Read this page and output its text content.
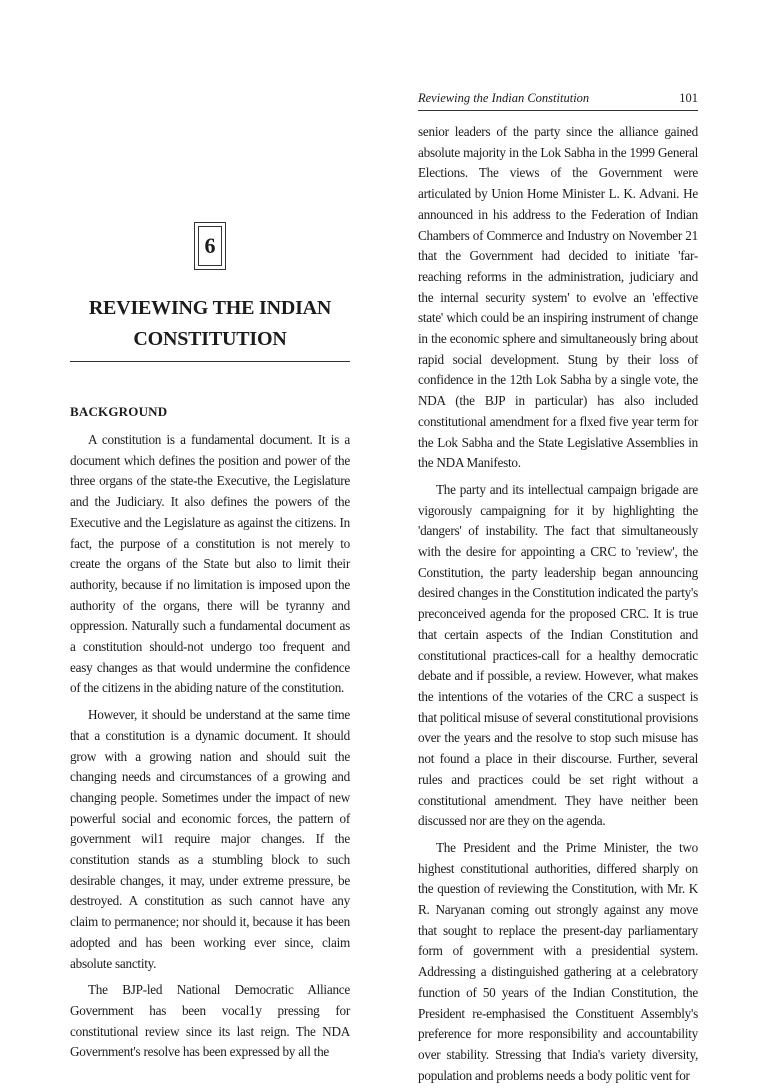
Reviewing the Indian Constitution	101
6
REVIEWING THE INDIAN
CONSTITUTION
BACKGROUND

A constitution is a fundamental document. It is a document which defines the position and power of the three organs of the state-the Executive, the Legislature and the Judiciary. It also defines the powers of the Executive and the Legislature as against the citizens. In fact, the purpose of a constitution is not merely to create the organs of the State but also to limit their authority, because if no limitation is imposed upon the authority of the organs, there will be tyranny and oppression. Naturally such a fundamental document as a constitution should-not undergo too frequent and easy changes as that would undermine the confidence of the citizens in the abiding nature of the constitution.

However, it should be understand at the same time that a constitution is a dynamic document. It should grow with a growing nation and should suit the changing needs and circumstances of a growing and changing people. Sometimes under the impact of new powerful social and economic forces, the pattern of government wil1 require major changes. If the constitution stands as a stumbling block to such desirable changes, it may, under extreme pressure, be destroyed. A constitution as such cannot have any claim to permanence; nor should it, because it has been adopted and has been working ever since, claim absolute sanctity.

The BJP-led National Democratic Alliance Government has been vocal1y pressing for constitutional review since its last reign. The NDA Government's resolve has been expressed by all the

senior leaders of the party since the alliance gained absolute majority in the Lok Sabha in the 1999 General Elections. The views of the Government were articulated by Union Home Minister L. K. Advani. He announced in his address to the Federation of Indian Chambers of Commerce and Industry on November 21 that the Government had decided to initiate 'far-reaching reforms in the administration, judiciary and the internal security system' to evolve an 'effective state' which could be an inspiring instrument of change in the economic sphere and simultaneously bring about rapid social development. Stung by their loss of confidence in the 12th Lok Sabha by a single vote, the NDA (the BJP in particular) has also included constitutional amendment for a flxed five year term for the Lok Sabha and the State Legislative Assemblies in the NDA Manifesto.

The party and its intellectual campaign brigade are vigorously campaigning for it by highlighting the 'dangers' of instability. The fact that simultaneously with the desire for appointing a CRC to 'review', the Constitution, the party leadership began announcing desired changes in the Constitution indicated the party's preconceived agenda for the proposed CRC. It is true that certain aspects of the Indian Constitution and constitutional practices-call for a healthy democratic debate and if possible, a review. However, what makes the intentions of the votaries of the CRC a suspect is that political misuse of several constitutional provisions over the years and the resolve to stop such misuse has not found a place in their discourse. Further, several rules and practices could be set right without a constitutional amendment. They have neither been discussed nor are they on the agenda.

The President and the Prime Minister, the two highest constitutional authorities, differed sharply on the question of reviewing the Constitution, with Mr. K R. Naryanan coming out strongly against any move that sought to replace the present-day parliamentary form of government with a presidential system. Addressing a distinguished gathering at a celebratory function of 50 years of the Indian Constitution, the President re-emphasised the Constituent Assembly's preference for more responsibility and accountability over stability. Stressing that India's variety diversity, population and problems needs a body politic vent for
